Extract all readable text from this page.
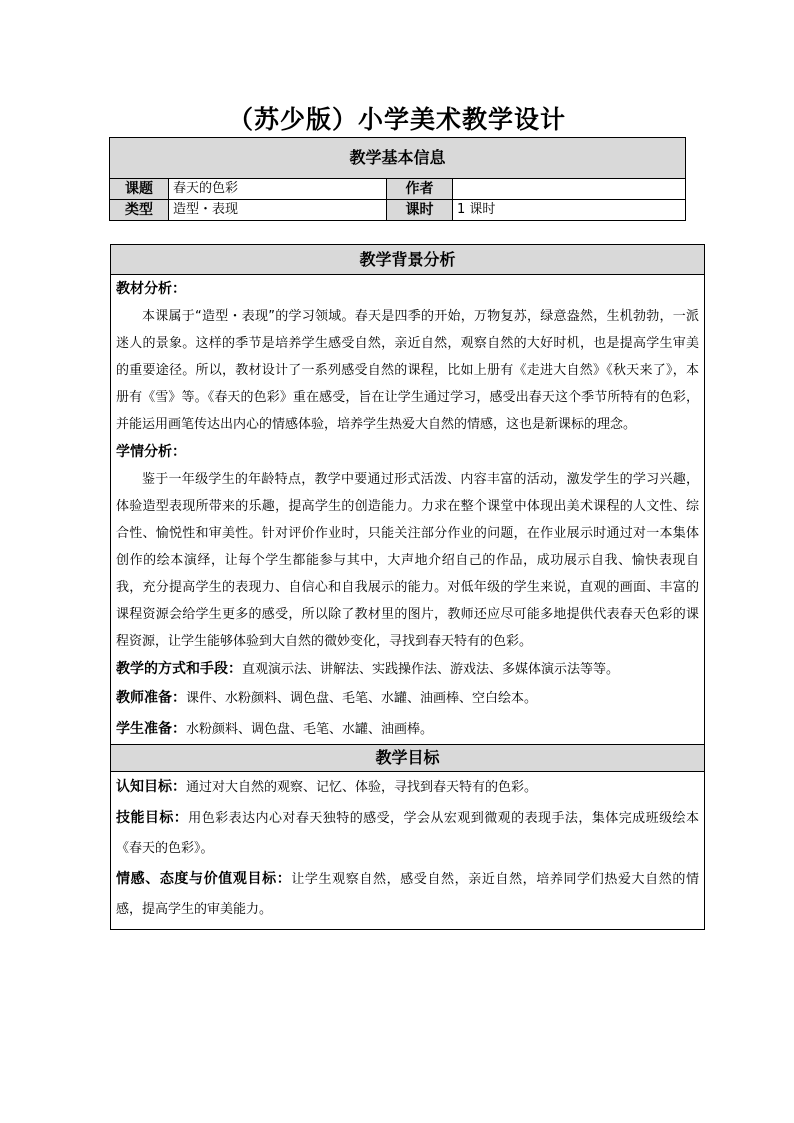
（苏少版）小学美术教学设计
教学基本信息			
课题	春天的色彩	作者	
类型	造型・表现	课时	1 课时
教学背景分析

教材分析：

本课属于“造型・表现”的学习领域。春天是四季的开始，万物复苏，绿意盎然，生机勃勃，一派迷人的景象。这样的季节是培养学生感受自然，亲近自然，观察自然的大好时机，也是提高学生审美的重要途径。所以，教材设计了一系列感受自然的课程，比如上册有《走进大自然》《秋天来了》，本册有《雪》等。《春天的色彩》重在感受，旨在让学生通过学习，感受出春天这个季节所特有的色彩，并能运用画笔传达出内心的情感体验，培养学生热爱大自然的情感，这也是新课标的理念。

学情分析：

鉴于一年级学生的年龄特点，教学中要通过形式活泼、内容丰富的活动，激发学生的学习兴趣，体验造型表现所带来的乐趣，提高学生的创造能力。力求在整个课堂中体现出美术课程的人文性、综合性、愉悦性和审美性。针对评价作业时，只能关注部分作业的问题，在作业展示时通过对一本集体创作的绘本演绎，让每个学生都能参与其中，大声地介绍自己的作品，成功展示自我、愉快表现自我，充分提高学生的表现力、自信心和自我展示的能力。对低年级的学生来说，直观的画面、丰富的课程资源会给学生更多的感受，所以除了教材里的图片，教师还应尽可能多地提供代表春天色彩的课程资源，让学生能够体验到大自然的微妙变化，寻找到春天特有的色彩。

教学的方式和手段：直观演示法、讲解法、实践操作法、游戏法、多媒体演示法等等。

教师准备：课件、水粉颜料、调色盘、毛笔、水罐、油画棒、空白绘本。

学生准备：水粉颜料、调色盘、毛笔、水罐、油画棒。

教学目标

认知目标：通过对大自然的观察、记忆、体验，寻找到春天特有的色彩。

技能目标：用色彩表达内心对春天独特的感受，学会从宏观到微观的表现手法，集体完成班级绘本《春天的色彩》。

情感、态度与价值观目标：让学生观察自然，感受自然，亲近自然，培养同学们热爱大自然的情感，提高学生的审美能力。
